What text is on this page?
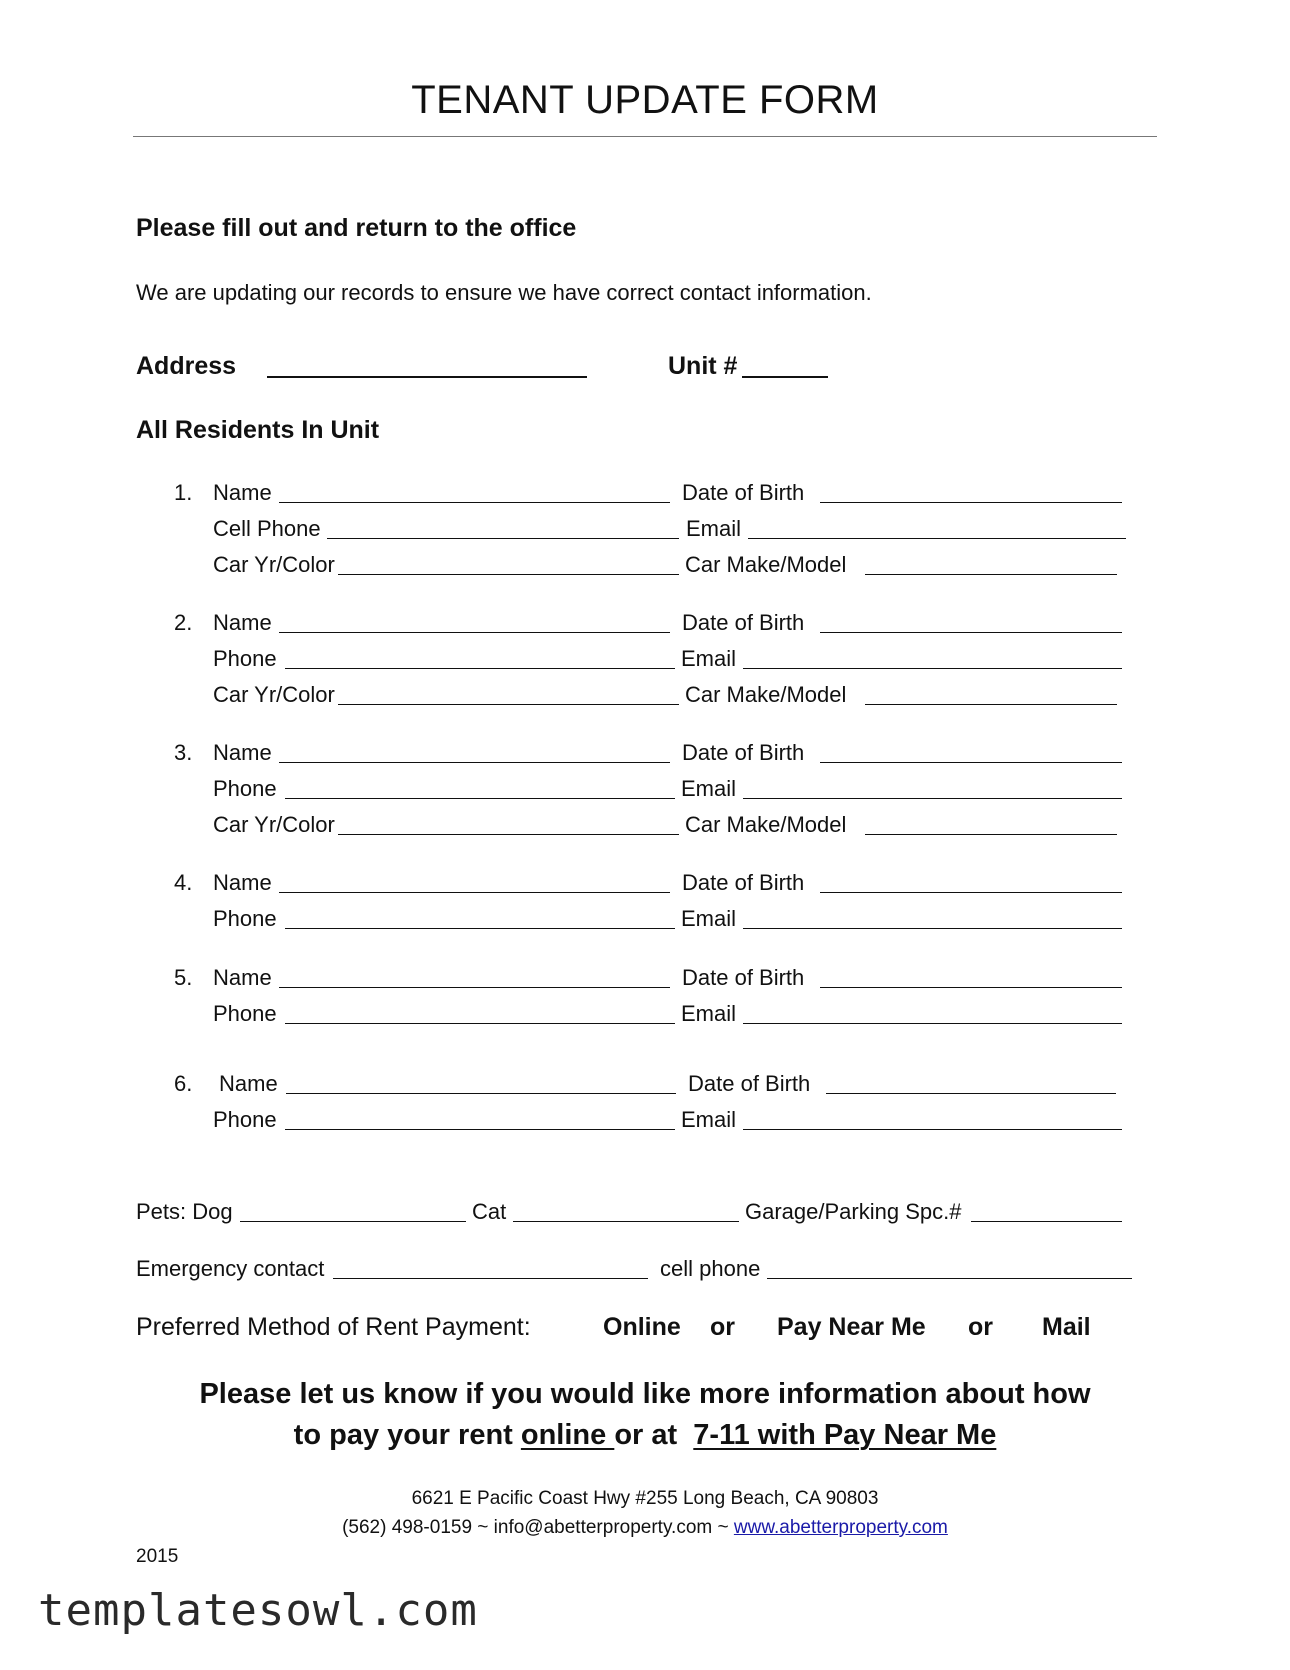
TENANT UPDATE FORM
Please fill out and return to the office
We are updating our records to ensure we have correct contact information.
Address	Unit #
All Residents In Unit
1. Name	Date of Birth
Cell Phone	Email
Car Yr/Color	Car Make/Model
2. Name	Date of Birth
Phone	Email
Car Yr/Color	Car Make/Model
3. Name	Date of Birth
Phone	Email
Car Yr/Color	Car Make/Model
4. Name	Date of Birth
Phone	Email
5. Name	Date of Birth
Phone	Email
6. Name	Date of Birth
Phone	Email
Pets: Dog	Cat	Garage/Parking Spc.#
Emergency contact	cell phone
Preferred Method of Rent Payment:	Online or Pay Near Me or Mail
Please let us know if you would like more information about how
to pay your rent online or at  7-11 with Pay Near Me
6621 E Pacific Coast Hwy #255 Long Beach, CA 90803
(562) 498-0159 ~ info@abetterproperty.com ~ www.abetterproperty.com
2015
templatesowl.com
